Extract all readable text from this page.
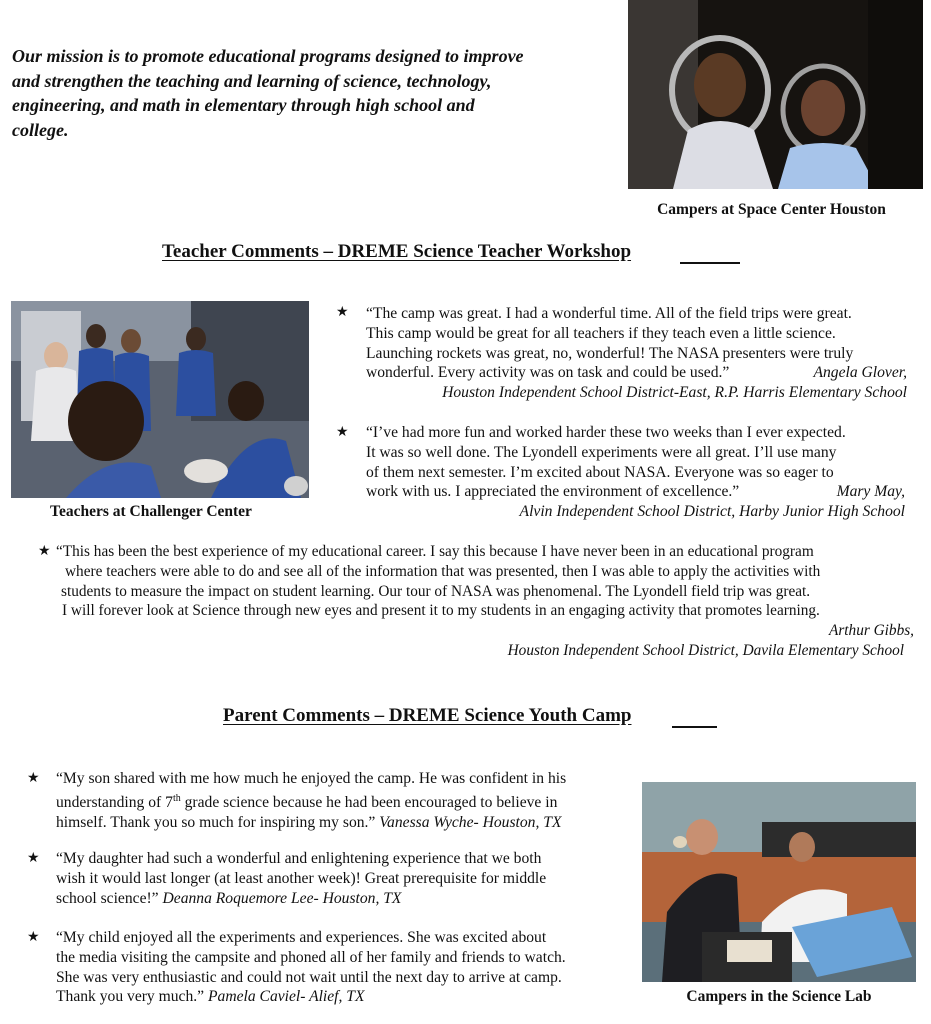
Our mission is to promote educational programs designed to improve and strengthen the teaching and learning of science, technology, engineering, and math in elementary through high school and college.
Campers at Space Center Houston
Teacher Comments – DREME Science Teacher Workshop
Teachers at Challenger Center
★ “The camp was great. I had a wonderful time. All of the field trips were great.
This camp would be great for all teachers if they teach even a little science.
Launching rockets was great, no, wonderful! The NASA presenters were truly
wonderful. Every activity was on task and could be used.”	Angela Glover,
Houston Independent School District-East, R.P. Harris Elementary School
★ “I’ve had more fun and worked harder these two weeks than I ever expected.
It was so well done. The Lyondell experiments were all great. I’ll use many
of them next semester. I’m excited about NASA. Everyone was so eager to
work with us. I appreciated the environment of excellence.”	Mary May,
Alvin Independent School District, Harby Junior High School
★ “This has been the best experience of my educational career. I say this because I have never been in an educational program
where teachers were able to do and see all of the information that was presented, then I was able to apply the activities with
students to measure the impact on student learning. Our tour of NASA was phenomenal. The Lyondell field trip was great.
I will forever look at Science through new eyes and present it to my students in an engaging activity that promotes learning.
Arthur Gibbs,
Houston Independent School District, Davila Elementary School
Parent Comments – DREME Science Youth Camp
★ “My son shared with me how much he enjoyed the camp. He was confident in his
understanding of 7th grade science because he had been encouraged to believe in
himself. Thank you so much for inspiring my son.” Vanessa Wyche- Houston, TX
★ “My daughter had such a wonderful and enlightening experience that we both
wish it would last longer (at least another week)! Great prerequisite for middle
school science!” Deanna Roquemore Lee- Houston, TX
★ “My child enjoyed all the experiments and experiences. She was excited about
the media visiting the campsite and phoned all of her family and friends to watch.
She was very enthusiastic and could not wait until the next day to arrive at camp.
Thank you very much.” Pamela Caviel- Alief, TX	Campers in the Science Lab
